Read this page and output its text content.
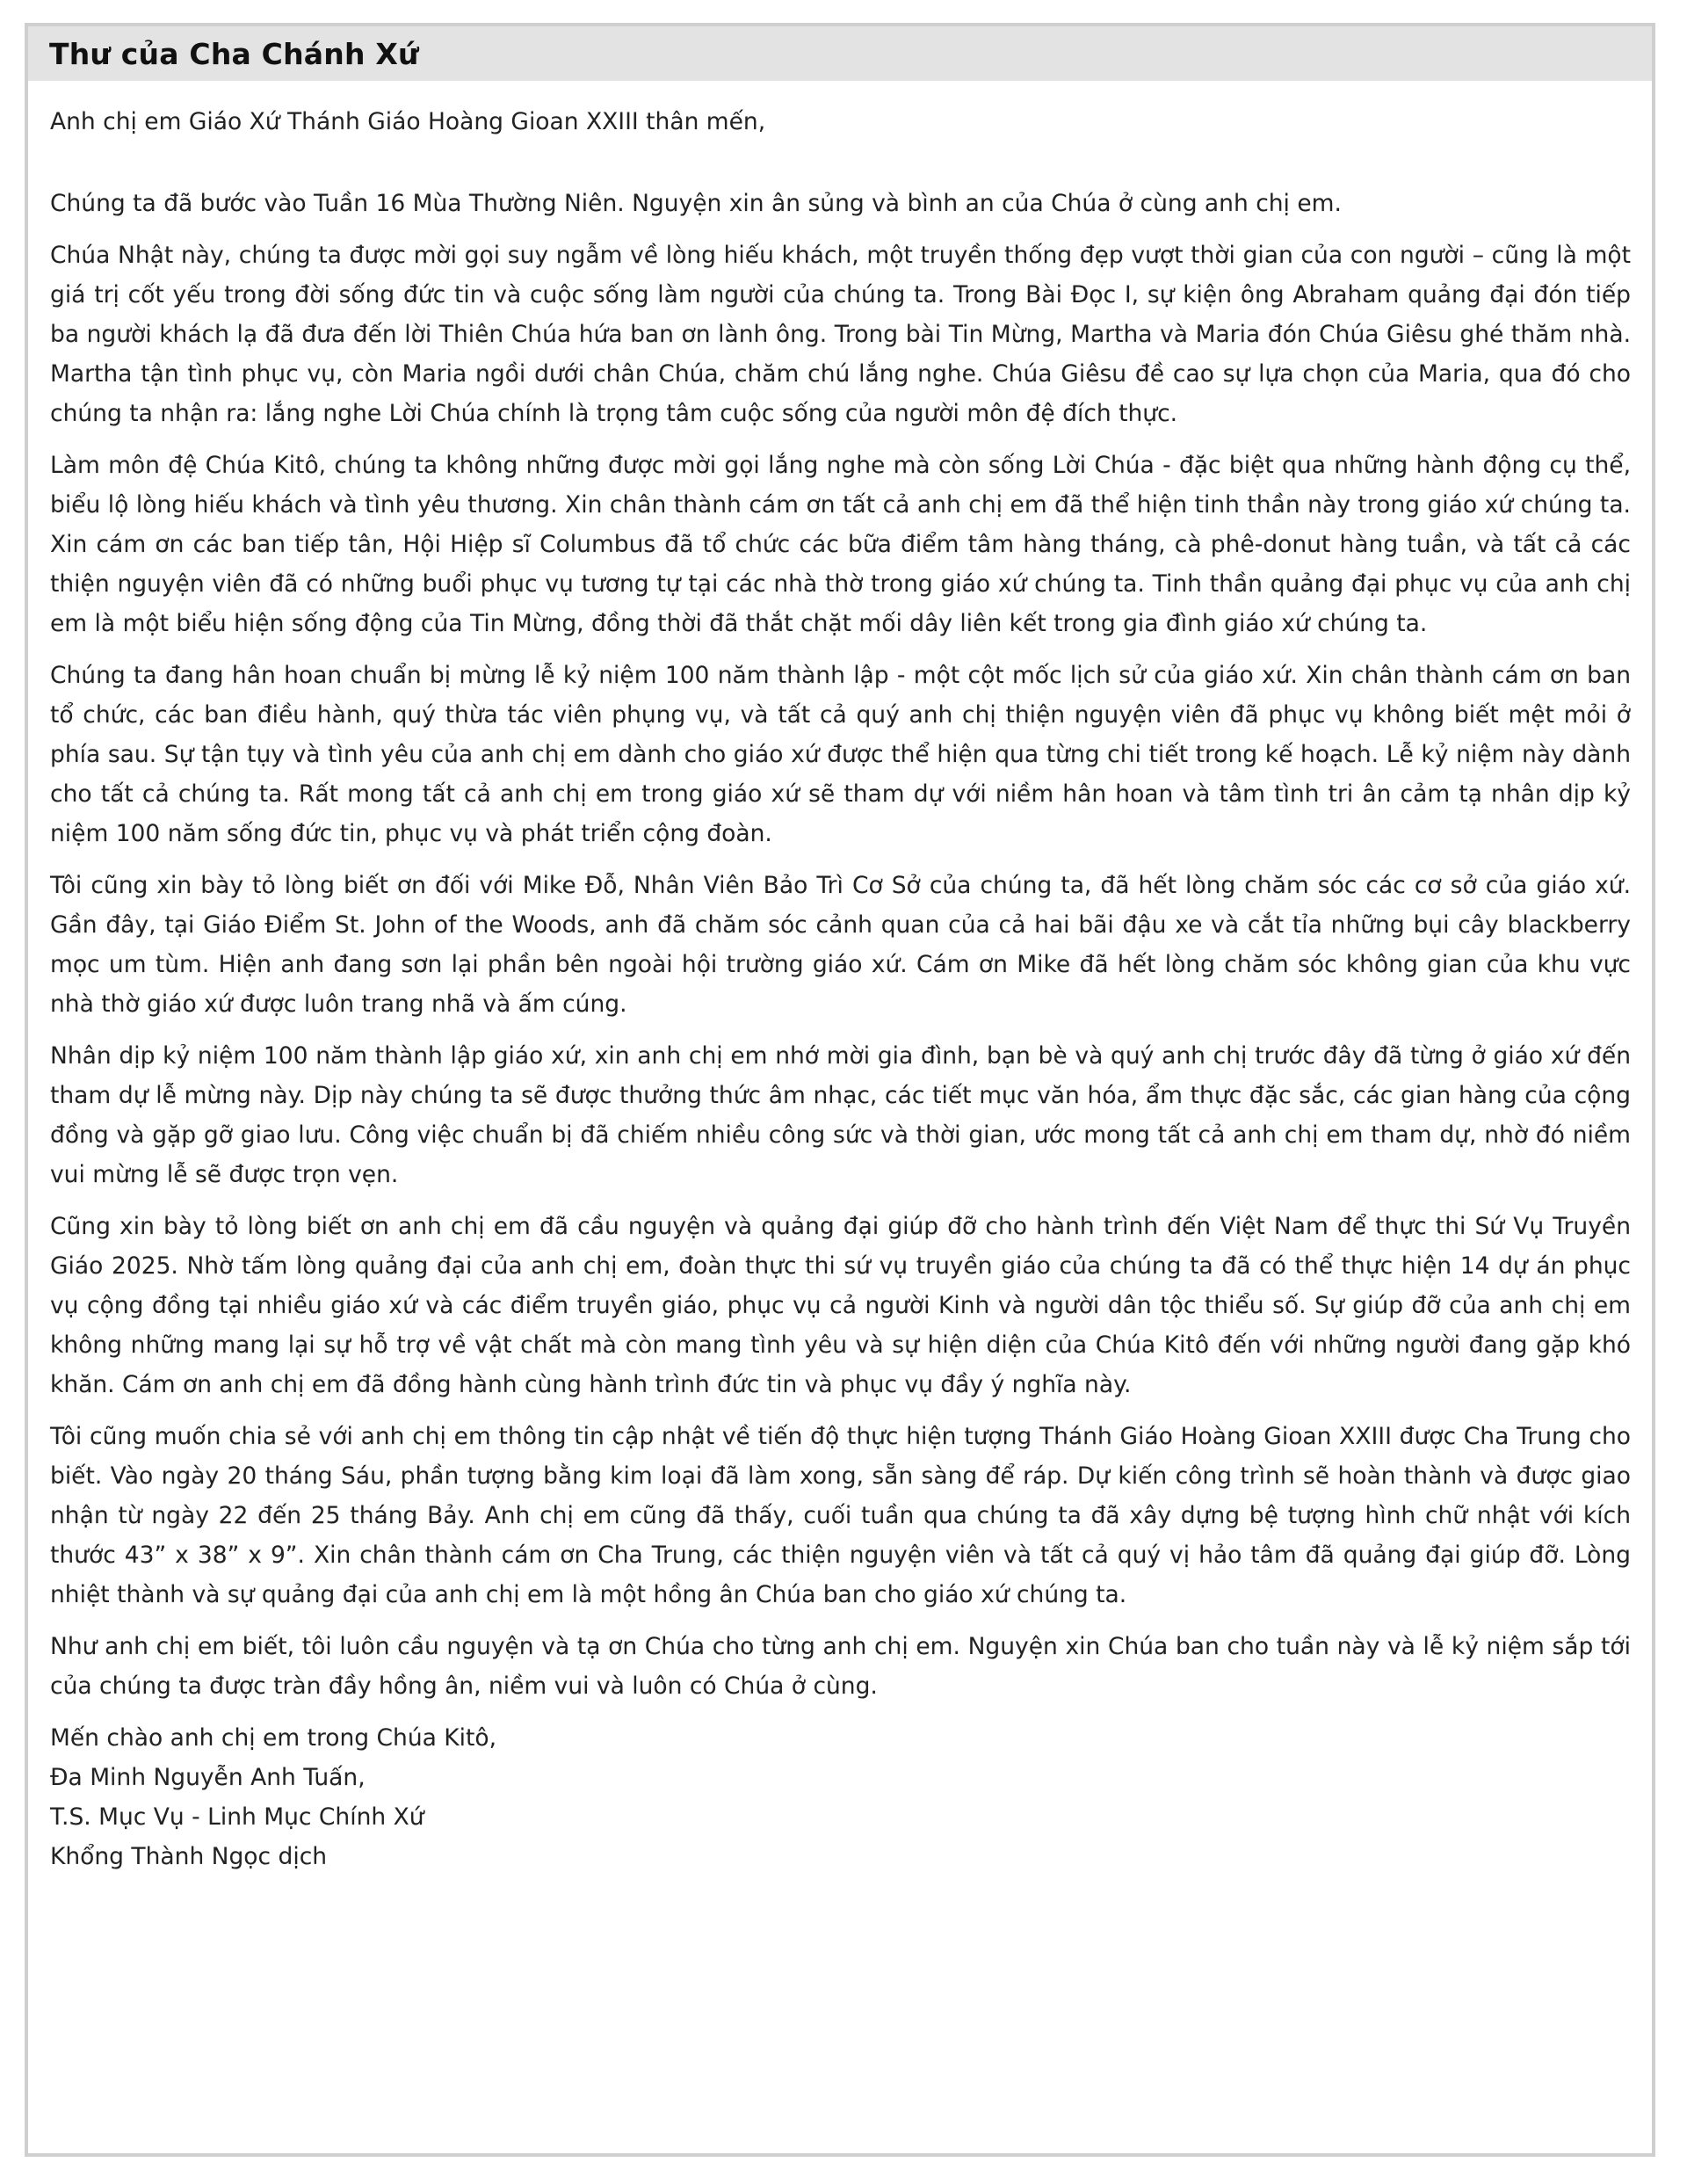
Thư của Cha Chánh Xứ

Anh chị em Giáo Xứ Thánh Giáo Hoàng Gioan XXIII thân mến,

Chúng ta đã bước vào Tuần 16 Mùa Thường Niên. Nguyện xin ân sủng và bình an của Chúa ở cùng anh chị em.

Chúa Nhật này, chúng ta được mời gọi suy ngẫm về lòng hiếu khách, một truyền thống đẹp vượt thời gian của con người – cũng là một giá trị cốt yếu trong đời sống đức tin và cuộc sống làm người của chúng ta. Trong Bài Đọc I, sự kiện ông Abraham quảng đại đón tiếp ba người khách lạ đã đưa đến lời Thiên Chúa hứa ban ơn lành ông. Trong bài Tin Mừng, Martha và Maria đón Chúa Giêsu ghé thăm nhà. Martha tận tình phục vụ, còn Maria ngồi dưới chân Chúa, chăm chú lắng nghe. Chúa Giêsu đề cao sự lựa chọn của Maria, qua đó cho chúng ta nhận ra: lắng nghe Lời Chúa chính là trọng tâm cuộc sống của người môn đệ đích thực.

Làm môn đệ Chúa Kitô, chúng ta không những được mời gọi lắng nghe mà còn sống Lời Chúa - đặc biệt qua những hành động cụ thể, biểu lộ lòng hiếu khách và tình yêu thương. Xin chân thành cám ơn tất cả anh chị em đã thể hiện tinh thần này trong giáo xứ chúng ta. Xin cám ơn các ban tiếp tân, Hội Hiệp sĩ Columbus đã tổ chức các bữa điểm tâm hàng tháng, cà phê-donut hàng tuần, và tất cả các thiện nguyện viên đã có những buổi phục vụ tương tự tại các nhà thờ trong giáo xứ chúng ta. Tinh thần quảng đại phục vụ của anh chị em là một biểu hiện sống động của Tin Mừng, đồng thời đã thắt chặt mối dây liên kết trong gia đình giáo xứ chúng ta.

Chúng ta đang hân hoan chuẩn bị mừng lễ kỷ niệm 100 năm thành lập - một cột mốc lịch sử của giáo xứ. Xin chân thành cám ơn ban tổ chức, các ban điều hành, quý thừa tác viên phụng vụ, và tất cả quý anh chị thiện nguyện viên đã phục vụ không biết mệt mỏi ở phía sau. Sự tận tụy và tình yêu của anh chị em dành cho giáo xứ được thể hiện qua từng chi tiết trong kế hoạch. Lễ kỷ niệm này dành cho tất cả chúng ta. Rất mong tất cả anh chị em trong giáo xứ sẽ tham dự với niềm hân hoan và tâm tình tri ân cảm tạ nhân dịp kỷ niệm 100 năm sống đức tin, phục vụ và phát triển cộng đoàn.

Tôi cũng xin bày tỏ lòng biết ơn đối với Mike Đỗ, Nhân Viên Bảo Trì Cơ Sở của chúng ta, đã hết lòng chăm sóc các cơ sở của giáo xứ. Gần đây, tại Giáo Điểm St. John of the Woods, anh đã chăm sóc cảnh quan của cả hai bãi đậu xe và cắt tỉa những bụi cây blackberry mọc um tùm. Hiện anh đang sơn lại phần bên ngoài hội trường giáo xứ. Cám ơn Mike đã hết lòng chăm sóc không gian của khu vực nhà thờ giáo xứ được luôn trang nhã và ấm cúng.

Nhân dịp kỷ niệm 100 năm thành lập giáo xứ, xin anh chị em nhớ mời gia đình, bạn bè và quý anh chị trước đây đã từng ở giáo xứ đến tham dự lễ mừng này. Dịp này chúng ta sẽ được thưởng thức âm nhạc, các tiết mục văn hóa, ẩm thực đặc sắc, các gian hàng của cộng đồng và gặp gỡ giao lưu. Công việc chuẩn bị đã chiếm nhiều công sức và thời gian, ước mong tất cả anh chị em tham dự, nhờ đó niềm vui mừng lễ sẽ được trọn vẹn.

Cũng xin bày tỏ lòng biết ơn anh chị em đã cầu nguyện và quảng đại giúp đỡ cho hành trình đến Việt Nam để thực thi Sứ Vụ Truyền Giáo 2025. Nhờ tấm lòng quảng đại của anh chị em, đoàn thực thi sứ vụ truyền giáo của chúng ta đã có thể thực hiện 14 dự án phục vụ cộng đồng tại nhiều giáo xứ và các điểm truyền giáo, phục vụ cả người Kinh và người dân tộc thiểu số. Sự giúp đỡ của anh chị em không những mang lại sự hỗ trợ về vật chất mà còn mang tình yêu và sự hiện diện của Chúa Kitô đến với những người đang gặp khó khăn. Cám ơn anh chị em đã đồng hành cùng hành trình đức tin và phục vụ đầy ý nghĩa này.

Tôi cũng muốn chia sẻ với anh chị em thông tin cập nhật về tiến độ thực hiện tượng Thánh Giáo Hoàng Gioan XXIII được Cha Trung cho biết. Vào ngày 20 tháng Sáu, phần tượng bằng kim loại đã làm xong, sẵn sàng để ráp. Dự kiến công trình sẽ hoàn thành và được giao nhận từ ngày 22 đến 25 tháng Bảy. Anh chị em cũng đã thấy, cuối tuần qua chúng ta đã xây dựng bệ tượng hình chữ nhật với kích thước 43” x 38” x 9”. Xin chân thành cám ơn Cha Trung, các thiện nguyện viên và tất cả quý vị hảo tâm đã quảng đại giúp đỡ. Lòng nhiệt thành và sự quảng đại của anh chị em là một hồng ân Chúa ban cho giáo xứ chúng ta.

Như anh chị em biết, tôi luôn cầu nguyện và tạ ơn Chúa cho từng anh chị em. Nguyện xin Chúa ban cho tuần này và lễ kỷ niệm sắp tới của chúng ta được tràn đầy hồng ân, niềm vui và luôn có Chúa ở cùng.

Mến chào anh chị em trong Chúa Kitô,
Đa Minh Nguyễn Anh Tuấn,
T.S. Mục Vụ - Linh Mục Chính Xứ
Khổng Thành Ngọc dịch
